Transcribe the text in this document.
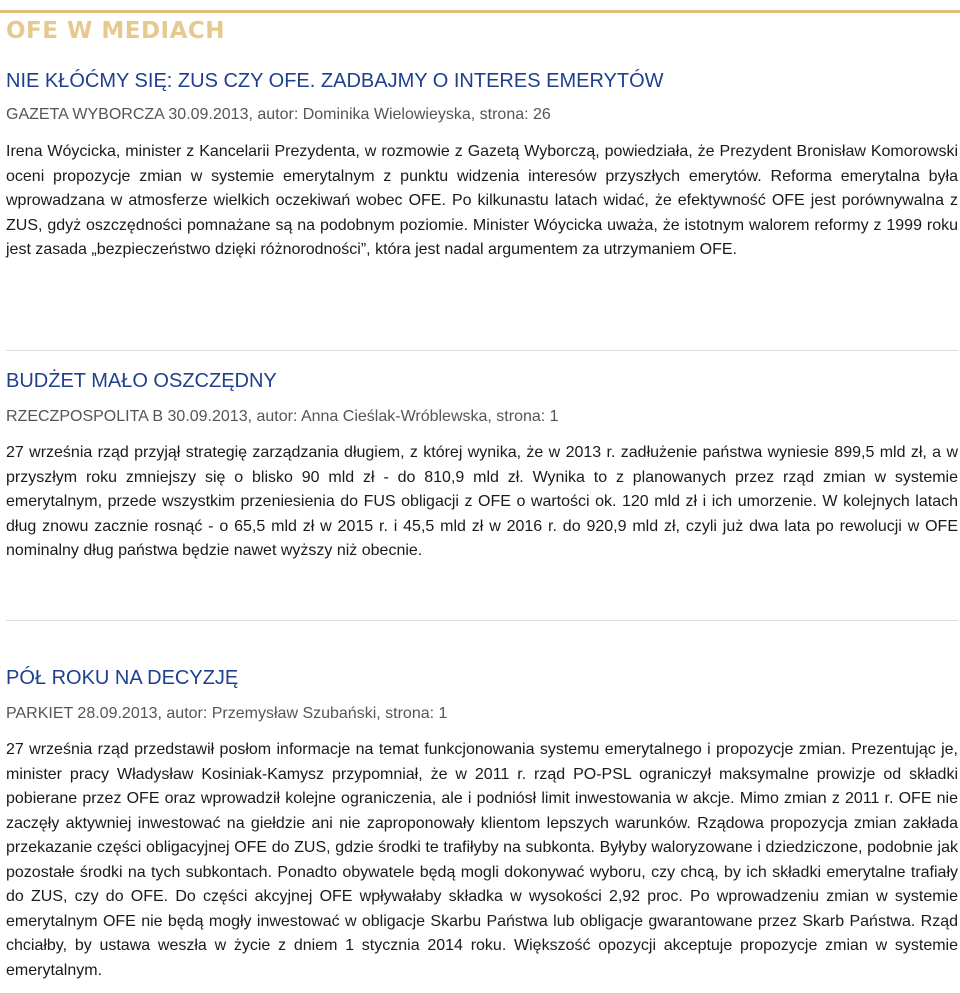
OFE W MEDIACH
NIE KŁÓĆMY SIĘ: ZUS CZY OFE. ZADBAJMY O INTERES EMERYTÓW

GAZETA WYBORCZA 30.09.2013, autor: Dominika Wielowieyska, strona: 26

Irena Wóycicka, minister z Kancelarii Prezydenta, w rozmowie z Gazetą Wyborczą, powiedziała, że Prezydent Bronisław Komorowski oceni propozycje zmian w systemie emerytalnym z punktu widzenia interesów przyszłych emerytów. Reforma emerytalna była wprowadzana w atmosferze wielkich oczekiwań wobec OFE. Po kilkunastu latach widać, że efektywność OFE jest porównywalna z ZUS, gdyż oszczędności pomnażane są na podobnym poziomie. Minister Wóycicka uważa, że istotnym walorem reformy z 1999 roku jest zasada „bezpieczeństwo dzięki różnorodności”, która jest nadal argumentem za utrzymaniem OFE.

BUDŻET MAŁO OSZCZĘDNY

RZECZPOSPOLITA B 30.09.2013, autor: Anna Cieślak-Wróblewska, strona: 1

27 września rząd przyjął strategię zarządzania długiem, z której wynika, że w 2013 r. zadłużenie państwa wyniesie 899,5 mld zł, a w przyszłym roku zmniejszy się o blisko 90 mld zł - do 810,9 mld zł. Wynika to z planowanych przez rząd zmian w systemie emerytalnym, przede wszystkim przeniesienia do FUS obligacji z OFE o wartości ok. 120 mld zł i ich umorzenie. W kolejnych latach dług znowu zacznie rosnąć - o 65,5 mld zł w 2015 r. i 45,5 mld zł w 2016 r. do 920,9 mld zł, czyli już dwa lata po rewolucji w OFE nominalny dług państwa będzie nawet wyższy niż obecnie.

PÓŁ ROKU NA DECYZJĘ

PARKIET 28.09.2013, autor: Przemysław Szubański, strona: 1

27 września rząd przedstawił posłom informacje na temat funkcjonowania systemu emerytalnego i propozycje zmian. Prezentując je, minister pracy Władysław Kosiniak-Kamysz przypomniał, że w 2011 r. rząd PO-PSL ograniczył maksymalne prowizje od składki pobierane przez OFE oraz wprowadził kolejne ograniczenia, ale i podniósł limit inwestowania w akcje. Mimo zmian z 2011 r. OFE nie zaczęły aktywniej inwestować na giełdzie ani nie zaproponowały klientom lepszych warunków. Rządowa propozycja zmian zakłada przekazanie części obligacyjnej OFE do ZUS, gdzie środki te trafiłyby na subkonta. Byłyby waloryzowane i dziedziczone, podobnie jak pozostałe środki na tych subkontach. Ponadto obywatele będą mogli dokonywać wyboru, czy chcą, by ich składki emerytalne trafiały do ZUS, czy do OFE. Do części akcyjnej OFE wpływałaby składka w wysokości 2,92 proc. Po wprowadzeniu zmian w systemie emerytalnym OFE nie będą mogły inwestować w obligacje Skarbu Państwa lub obligacje gwarantowane przez Skarb Państwa. Rząd chciałby, by ustawa weszła w życie z dniem 1 stycznia 2014 roku. Większość opozycji akceptuje propozycje zmian w systemie emerytalnym.
